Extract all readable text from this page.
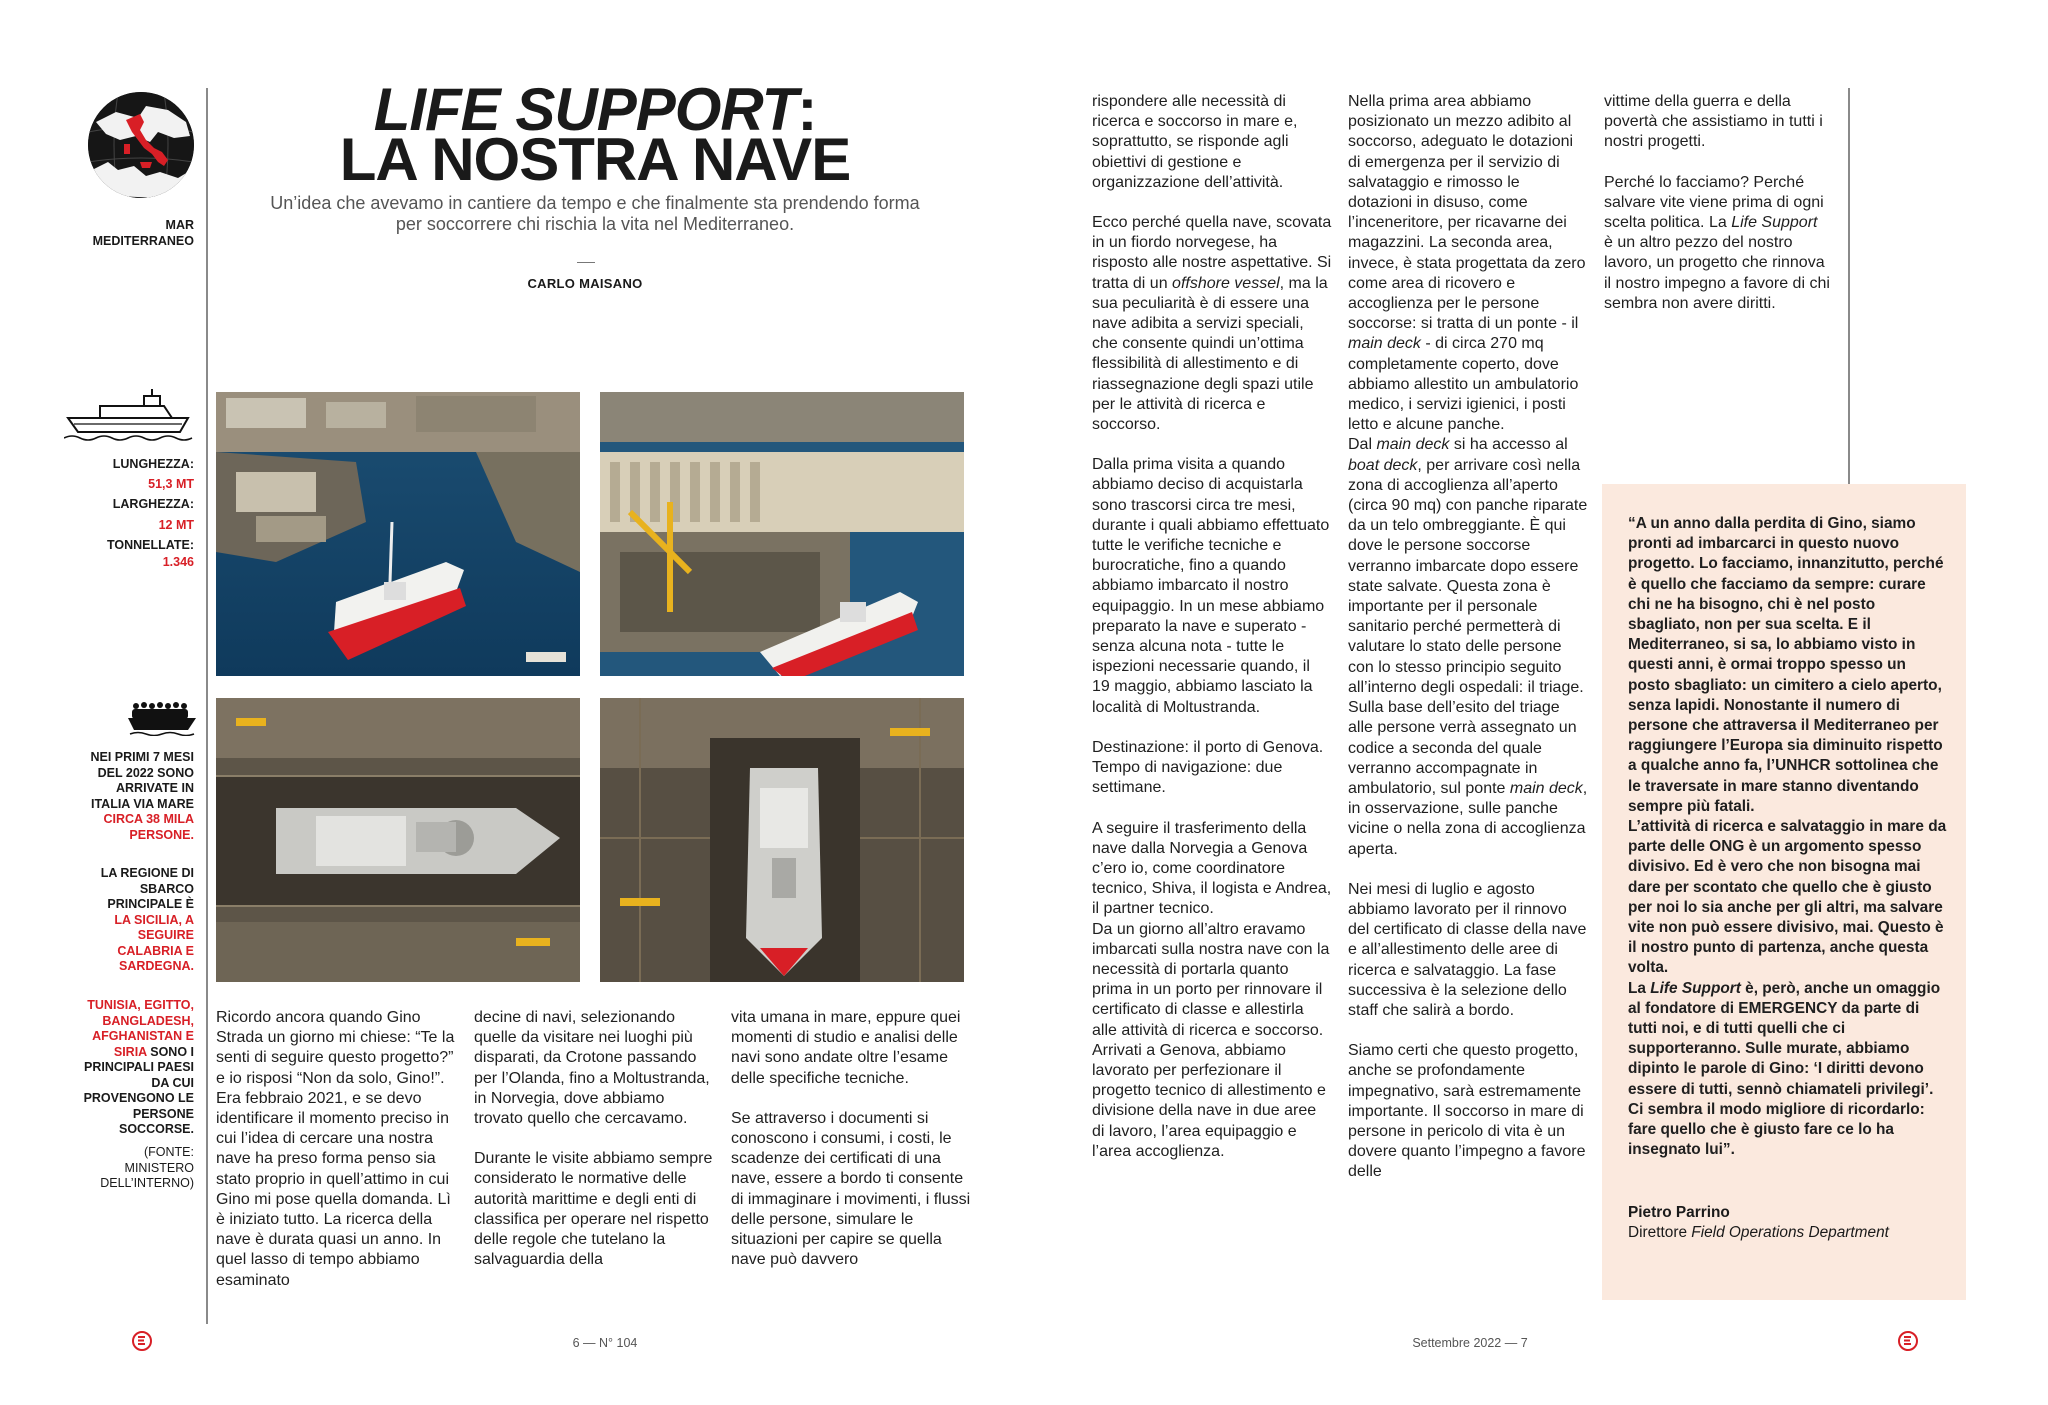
MAR MEDITERRANEO
LUNGHEZZA:
51,3 MT
LARGHEZZA:
12 MT
TONNELLATE:
1.346
NEI PRIMI 7 MESI DEL 2022 SONO ARRIVATE IN ITALIA VIA MARE CIRCA 38 MILA PERSONE.
LA REGIONE DI SBARCO PRINCIPALE È LA SICILIA, A SEGUIRE CALABRIA E SARDEGNA.
TUNISIA, EGITTO, BANGLADESH, AFGHANISTAN E SIRIA SONO I PRINCIPALI PAESI DA CUI PROVENGONO LE PERSONE SOCCORSE.
(FONTE: MINISTERO DELL’INTERNO)
LIFE SUPPORT:
LA NOSTRA NAVE
Un’idea che avevamo in cantiere da tempo e che finalmente sta prendendo forma per soccorrere chi rischia la vita nel Mediterraneo.
CARLO MAISANO

Ricordo ancora quando Gino Strada un giorno mi chiese: “Te la senti di seguire questo progetto?” e io risposi “Non da solo, Gino!”. Era febbraio 2021, e se devo identificare il momento preciso in cui l’idea di cercare una nostra nave ha preso forma penso sia stato proprio in quell’attimo in cui Gino mi pose quella domanda. Lì è iniziato tutto. La ricerca della nave è durata quasi un anno. In quel lasso di tempo abbiamo esaminato

decine di navi, selezionando quelle da visitare nei luoghi più disparati, da Crotone passando per l’Olanda, fino a Moltustranda, in Norvegia, dove abbiamo trovato quello che cercavamo.

Durante le visite abbiamo sempre considerato le normative delle autorità marittime e degli enti di classifica per operare nel rispetto delle regole che tutelano la salvaguardia della

vita umana in mare, eppure quei momenti di studio e analisi delle navi sono andate oltre l’esame delle specifiche tecniche.

Se attraverso i documenti si conoscono i consumi, i costi, le scadenze dei certificati di una nave, essere a bordo ti consente di immaginare i movimenti, i flussi delle persone, simulare le situazioni per capire se quella nave può davvero

rispondere alle necessità di ricerca e soccorso in mare e, soprattutto, se risponde agli obiettivi di gestione e organizzazione dell’attività.

Ecco perché quella nave, scovata in un fiordo norvegese, ha risposto alle nostre aspettative. Si tratta di un offshore vessel, ma la sua peculiarità è di essere una nave adibita a servizi speciali, che consente quindi un’ottima flessibilità di allestimento e di riassegnazione degli spazi utile per le attività di ricerca e soccorso.

Dalla prima visita a quando abbiamo deciso di acquistarla sono trascorsi circa tre mesi, durante i quali abbiamo effettuato tutte le verifiche tecniche e burocratiche, fino a quando abbiamo imbarcato il nostro equipaggio. In un mese abbiamo preparato la nave e superato - senza alcuna nota - tutte le ispezioni necessarie quando, il 19 maggio, abbiamo lasciato la località di Moltustranda.

Destinazione: il porto di Genova. Tempo di navigazione: due settimane.

A seguire il trasferimento della nave dalla Norvegia a Genova c’ero io, come coordinatore tecnico, Shiva, il logista e Andrea, il partner tecnico.
Da un giorno all’altro eravamo imbarcati sulla nostra nave con la necessità di portarla quanto prima in un porto per rinnovare il certificato di classe e allestirla alle attività di ricerca e soccorso.
Arrivati a Genova, abbiamo lavorato per perfezionare il progetto tecnico di allestimento e divisione della nave in due aree di lavoro, l’area equipaggio e l’area accoglienza.

Nella prima area abbiamo posizionato un mezzo adibito al soccorso, adeguato le dotazioni di emergenza per il servizio di salvataggio e rimosso le dotazioni in disuso, come l’inceneritore, per ricavarne dei magazzini. La seconda area, invece, è stata progettata da zero come area di ricovero e accoglienza per le persone soccorse: si tratta di un ponte - il main deck - di circa 270 mq completamente coperto, dove abbiamo allestito un ambulatorio medico, i servizi igienici, i posti letto e alcune panche.

Dal main deck si ha accesso al boat deck, per arrivare così nella zona di accoglienza all’aperto (circa 90 mq) con panche riparate da un telo ombreggiante. È qui dove le persone soccorse verranno imbarcate dopo essere state salvate. Questa zona è importante per il personale sanitario perché permetterà di valutare lo stato delle persone con lo stesso principio seguito all’interno degli ospedali: il triage. Sulla base dell’esito del triage alle persone verrà assegnato un codice a seconda del quale verranno accompagnate in ambulatorio, sul ponte main deck, in osservazione, sulle panche vicine o nella zona di accoglienza aperta.

Nei mesi di luglio e agosto abbiamo lavorato per il rinnovo del certificato di classe della nave e all’allestimento delle aree di ricerca e salvataggio. La fase successiva è la selezione dello staff che salirà a bordo.

Siamo certi che questo progetto, anche se profondamente impegnativo, sarà estremamente importante. Il soccorso in mare di persone in pericolo di vita è un dovere quanto l’impegno a favore delle

vittime della guerra e della povertà che assistiamo in tutti i nostri progetti.

Perché lo facciamo? Perché salvare vite viene prima di ogni scelta politica. La Life Support è un altro pezzo del nostro lavoro, un progetto che rinnova il nostro impegno a favore di chi sembra non avere diritti.

“A un anno dalla perdita di Gino, siamo pronti ad imbarcarci in questo nuovo progetto. Lo facciamo, innanzitutto, perché è quello che facciamo da sempre: curare chi ne ha bisogno, chi è nel posto sbagliato, non per sua scelta. E il Mediterraneo, si sa, lo abbiamo visto in questi anni, è ormai troppo spesso un posto sbagliato: un cimitero a cielo aperto, senza lapidi. Nonostante il numero di persone che attraversa il Mediterraneo per raggiungere l’Europa sia diminuito rispetto a qualche anno fa, l’UNHCR sottolinea che le traversate in mare stanno diventando sempre più fatali.
L’attività di ricerca e salvataggio in mare da parte delle ONG è un argomento spesso divisivo. Ed è vero che non bisogna mai dare per scontato che quello che è giusto per noi lo sia anche per gli altri, ma salvare vite non può essere divisivo, mai. Questo è il nostro punto di partenza, anche questa volta.
La Life Support è, però, anche un omaggio al fondatore di EMERGENCY da parte di tutti noi, e di tutti quelli che ci supporteranno. Sulle murate, abbiamo dipinto le parole di Gino: ‘I diritti devono essere di tutti, sennò chiamateli privilegi’. Ci sembra il modo migliore di ricordarlo: fare quello che è giusto fare ce lo ha insegnato lui”.
Pietro Parrino
Direttore Field Operations Department
6 — N° 104	Settembre 2022 — 7
